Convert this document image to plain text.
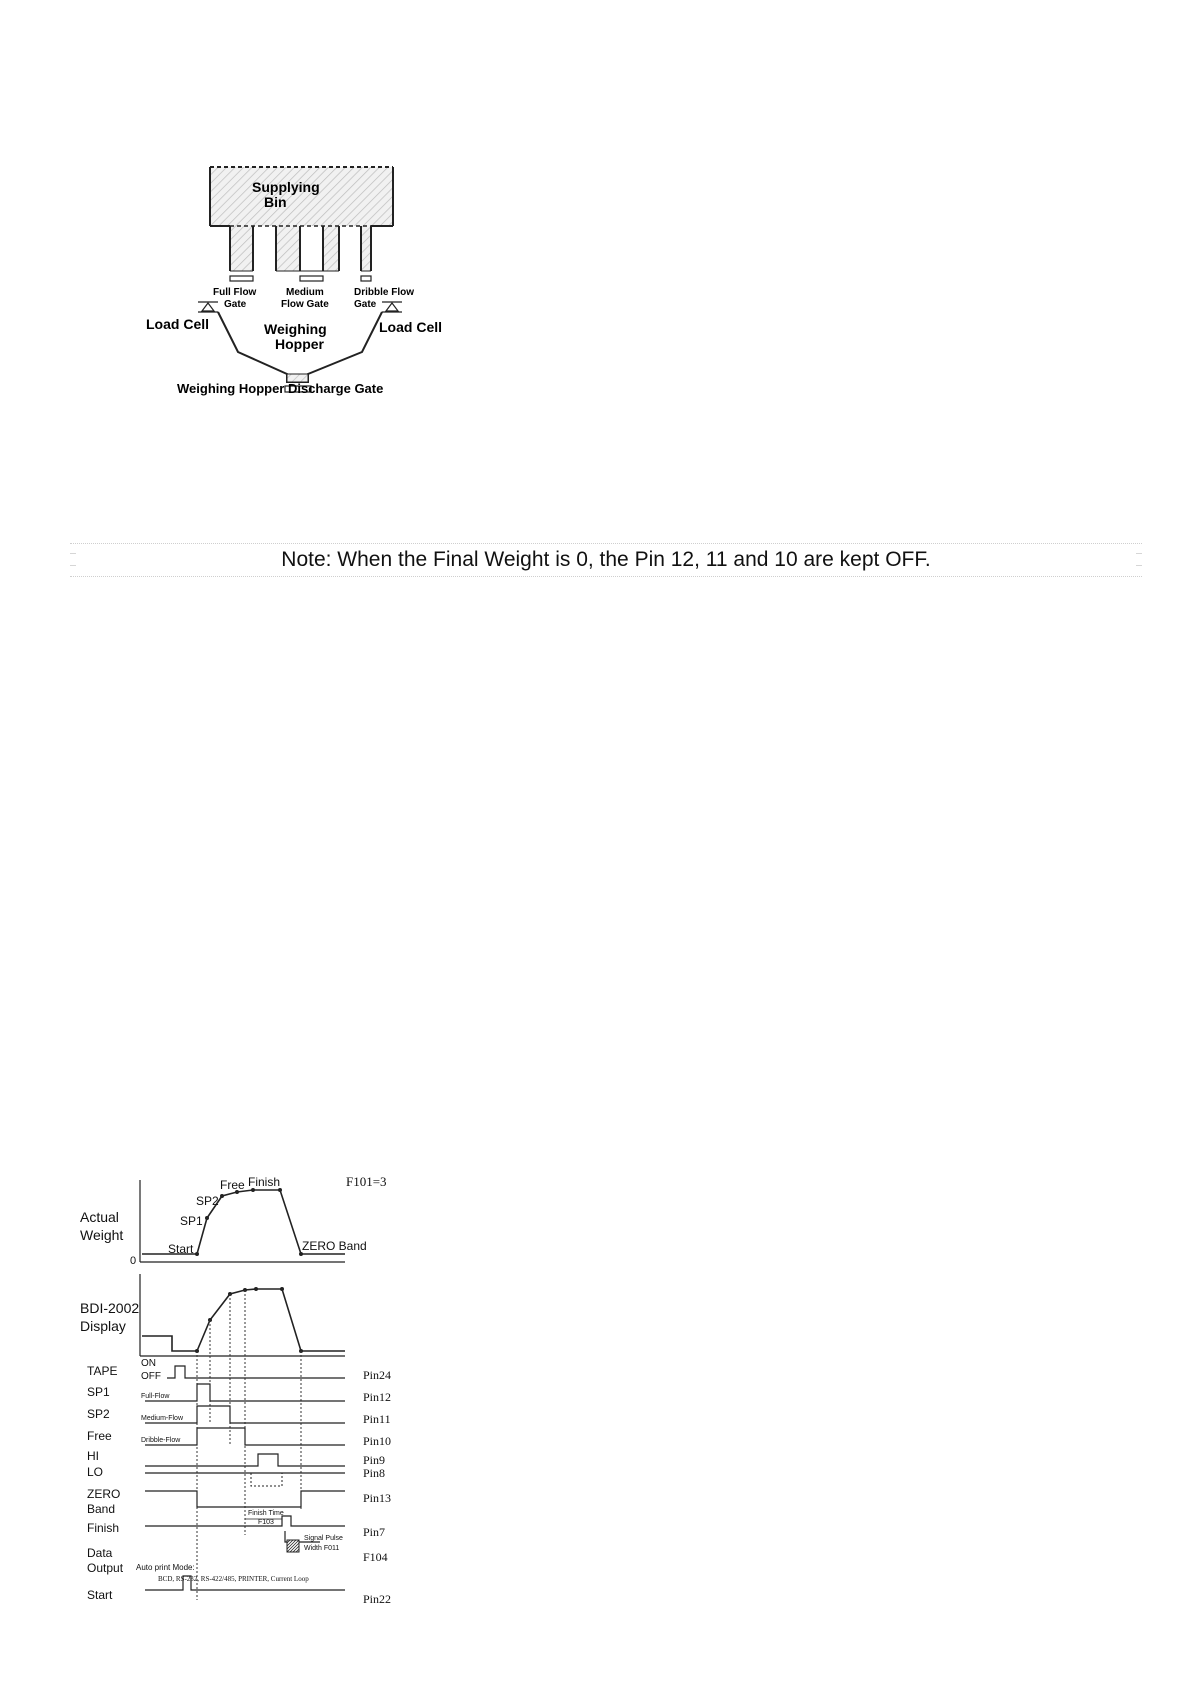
Supplying
Bin
Full Flow
Gate
Medium
Flow Gate
Dribble Flow
Gate
Load Cell	Load Cell
Weighing
Hopper
Weighing Hopper Discharge Gate
Note: When the Final Weight is 0, the Pin 12, 11 and 10 are kept OFF.
F101=3
Actual
Weight
0
Start
SP1
SP2
Free Finish
ZERO Band
BDI-2002
Display
ON
OFF
Full-Flow
Medium-Flow
Dribble-Flow
Finish Time
F103
Signal Pulse
Width F011
Auto print Mode:
BCD, RS-232, RS-422/485, PRINTER, Current Loop
TAPE	Pin24
SP1	Pin12
SP2	Pin11
Free	Pin10
HI	Pin9
LO	Pin8
ZERO
Band
Pin13
Finish	Pin7
Data
Output
F104
Start	Pin22
